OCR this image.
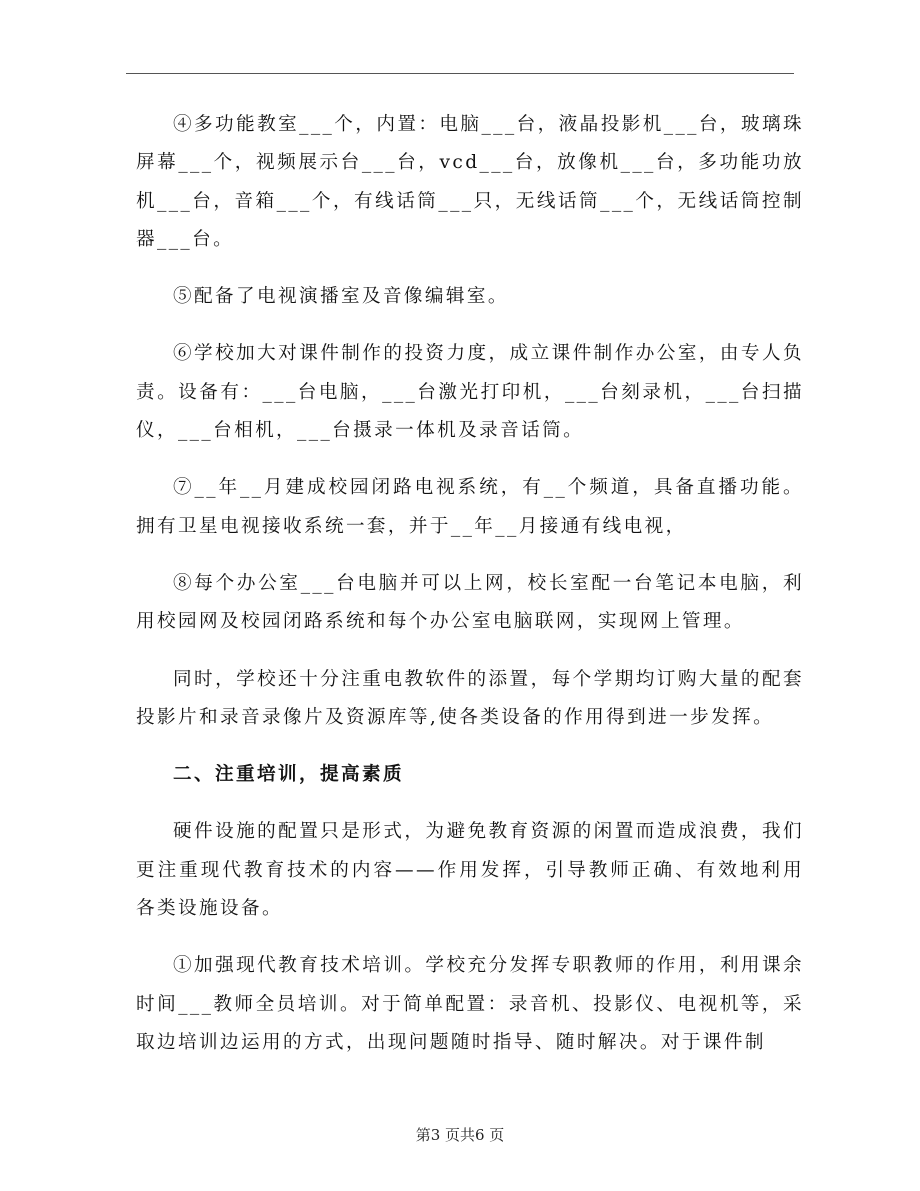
④多功能教室___个，内置：电脑___台，液晶投影机___台，玻璃珠屏幕___个，视频展示台___台，vcd___台，放像机___台，多功能功放机___台，音箱___个，有线话筒___只，无线话筒___个，无线话筒控制器___台。

⑤配备了电视演播室及音像编辑室。

⑥学校加大对课件制作的投资力度，成立课件制作办公室，由专人负责。设备有：___台电脑，___台激光打印机，___台刻录机，___台扫描仪，___台相机，___台摄录一体机及录音话筒。

⑦__年__月建成校园闭路电视系统，有__个频道，具备直播功能。拥有卫星电视接收系统一套，并于__年__月接通有线电视，

⑧每个办公室___台电脑并可以上网，校长室配一台笔记本电脑，利用校园网及校园闭路系统和每个办公室电脑联网，实现网上管理。

同时，学校还十分注重电教软件的添置，每个学期均订购大量的配套投影片和录音录像片及资源库等,使各类设备的作用得到进一步发挥。

二、注重培训，提高素质

硬件设施的配置只是形式，为避免教育资源的闲置而造成浪费，我们更注重现代教育技术的内容——作用发挥，引导教师正确、有效地利用各类设施设备。

①加强现代教育技术培训。学校充分发挥专职教师的作用，利用课余时间___教师全员培训。对于简单配置：录音机、投影仪、电视机等，采取边培训边运用的方式，出现问题随时指导、随时解决。对于课件制

第3 页共6 页
